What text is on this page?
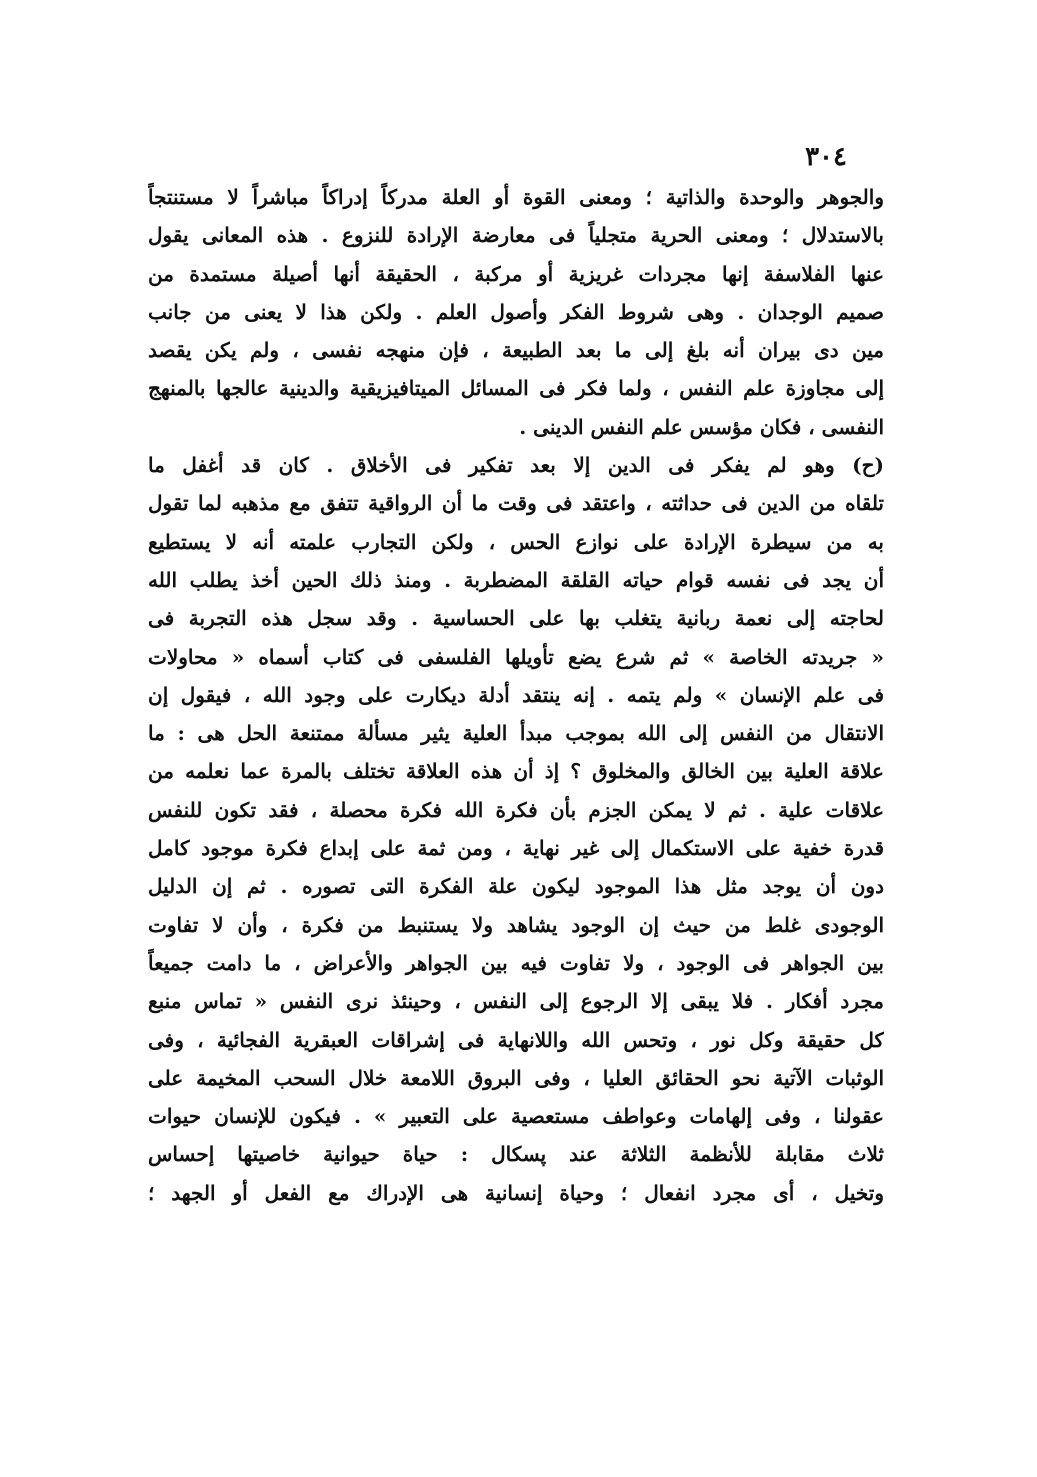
٣٠٤

والجوهر والوحدة والذاتية ؛ ومعنى القوة أو العلة مدركاً إدراكاً مباشراً لا مستنتجاً
بالاستدلال ؛ ومعنى الحرية متجلياً فى معارضة الإرادة للنزوع . هذه المعانى يقول
عنها الفلاسفة إنها مجردات غريزية أو مركبة ، الحقيقة أنها أصيلة مستمدة من
صميم الوجدان . وهى شروط الفكر وأصول العلم . ولكن هذا لا يعنى من جانب
مين دى بيران أنه بلغ إلى ما بعد الطبيعة ، فإن منهجه نفسى ، ولم يكن يقصد
إلى مجاوزة علم النفس ، ولما فكر فى المسائل الميتافيزيقية والدينية عالجها بالمنهج
النفسى ، فكان مؤسس علم النفس الدينى .
(ح) وهو لم يفكر فى الدين إلا بعد تفكير فى الأخلاق . كان قد أغفل ما
تلقاه من الدين فى حداثته ، واعتقد فى وقت ما أن الرواقية تتفق مع مذهبه لما تقول
به من سيطرة الإرادة على نوازع الحس ، ولكن التجارب علمته أنه لا يستطيع
أن يجد فى نفسه قوام حياته القلقة المضطربة . ومنذ ذلك الحين أخذ يطلب الله
لحاجته إلى نعمة ربانية يتغلب بها على الحساسية . وقد سجل هذه التجربة فى
« جريدته الخاصة » ثم شرع يضع تأويلها الفلسفى فى كتاب أسماه « محاولات
فى علم الإنسان » ولم يتمه . إنه ينتقد أدلة ديكارت على وجود الله ، فيقول إن
الانتقال من النفس إلى الله بموجب مبدأ العلية يثير مسألة ممتنعة الحل هى : ما
علاقة العلية بين الخالق والمخلوق ؟ إذ أن هذه العلاقة تختلف بالمرة عما نعلمه من
علاقات علية . ثم لا يمكن الجزم بأن فكرة الله فكرة محصلة ، فقد تكون للنفس
قدرة خفية على الاستكمال إلى غير نهاية ، ومن ثمة على إبداع فكرة موجود كامل
دون أن يوجد مثل هذا الموجود ليكون علة الفكرة التى تصوره . ثم إن الدليل
الوجودى غلط من حيث إن الوجود يشاهد ولا يستنبط من فكرة ، وأن لا تفاوت
بين الجواهر فى الوجود ، ولا تفاوت فيه بين الجواهر والأعراض ، ما دامت جميعاً
مجرد أفكار . فلا يبقى إلا الرجوع إلى النفس ، وحينئذ نرى النفس « تماس منبع
كل حقيقة وكل نور ، وتحس الله واللانهاية فى إشراقات العبقرية الفجائية ، وفى
الوثبات الآتية نحو الحقائق العليا ، وفى البروق اللامعة خلال السحب المخيمة على
عقولنا ، وفى إلهامات وعواطف مستعصية على التعبير » . فيكون للإنسان حيوات
ثلاث مقابلة للأنظمة الثلاثة عند پسكال : حياة حيوانية خاصيتها إحساس
وتخيل ، أى مجرد انفعال ؛ وحياة إنسانية هى الإدراك مع الفعل أو الجهد ؛
